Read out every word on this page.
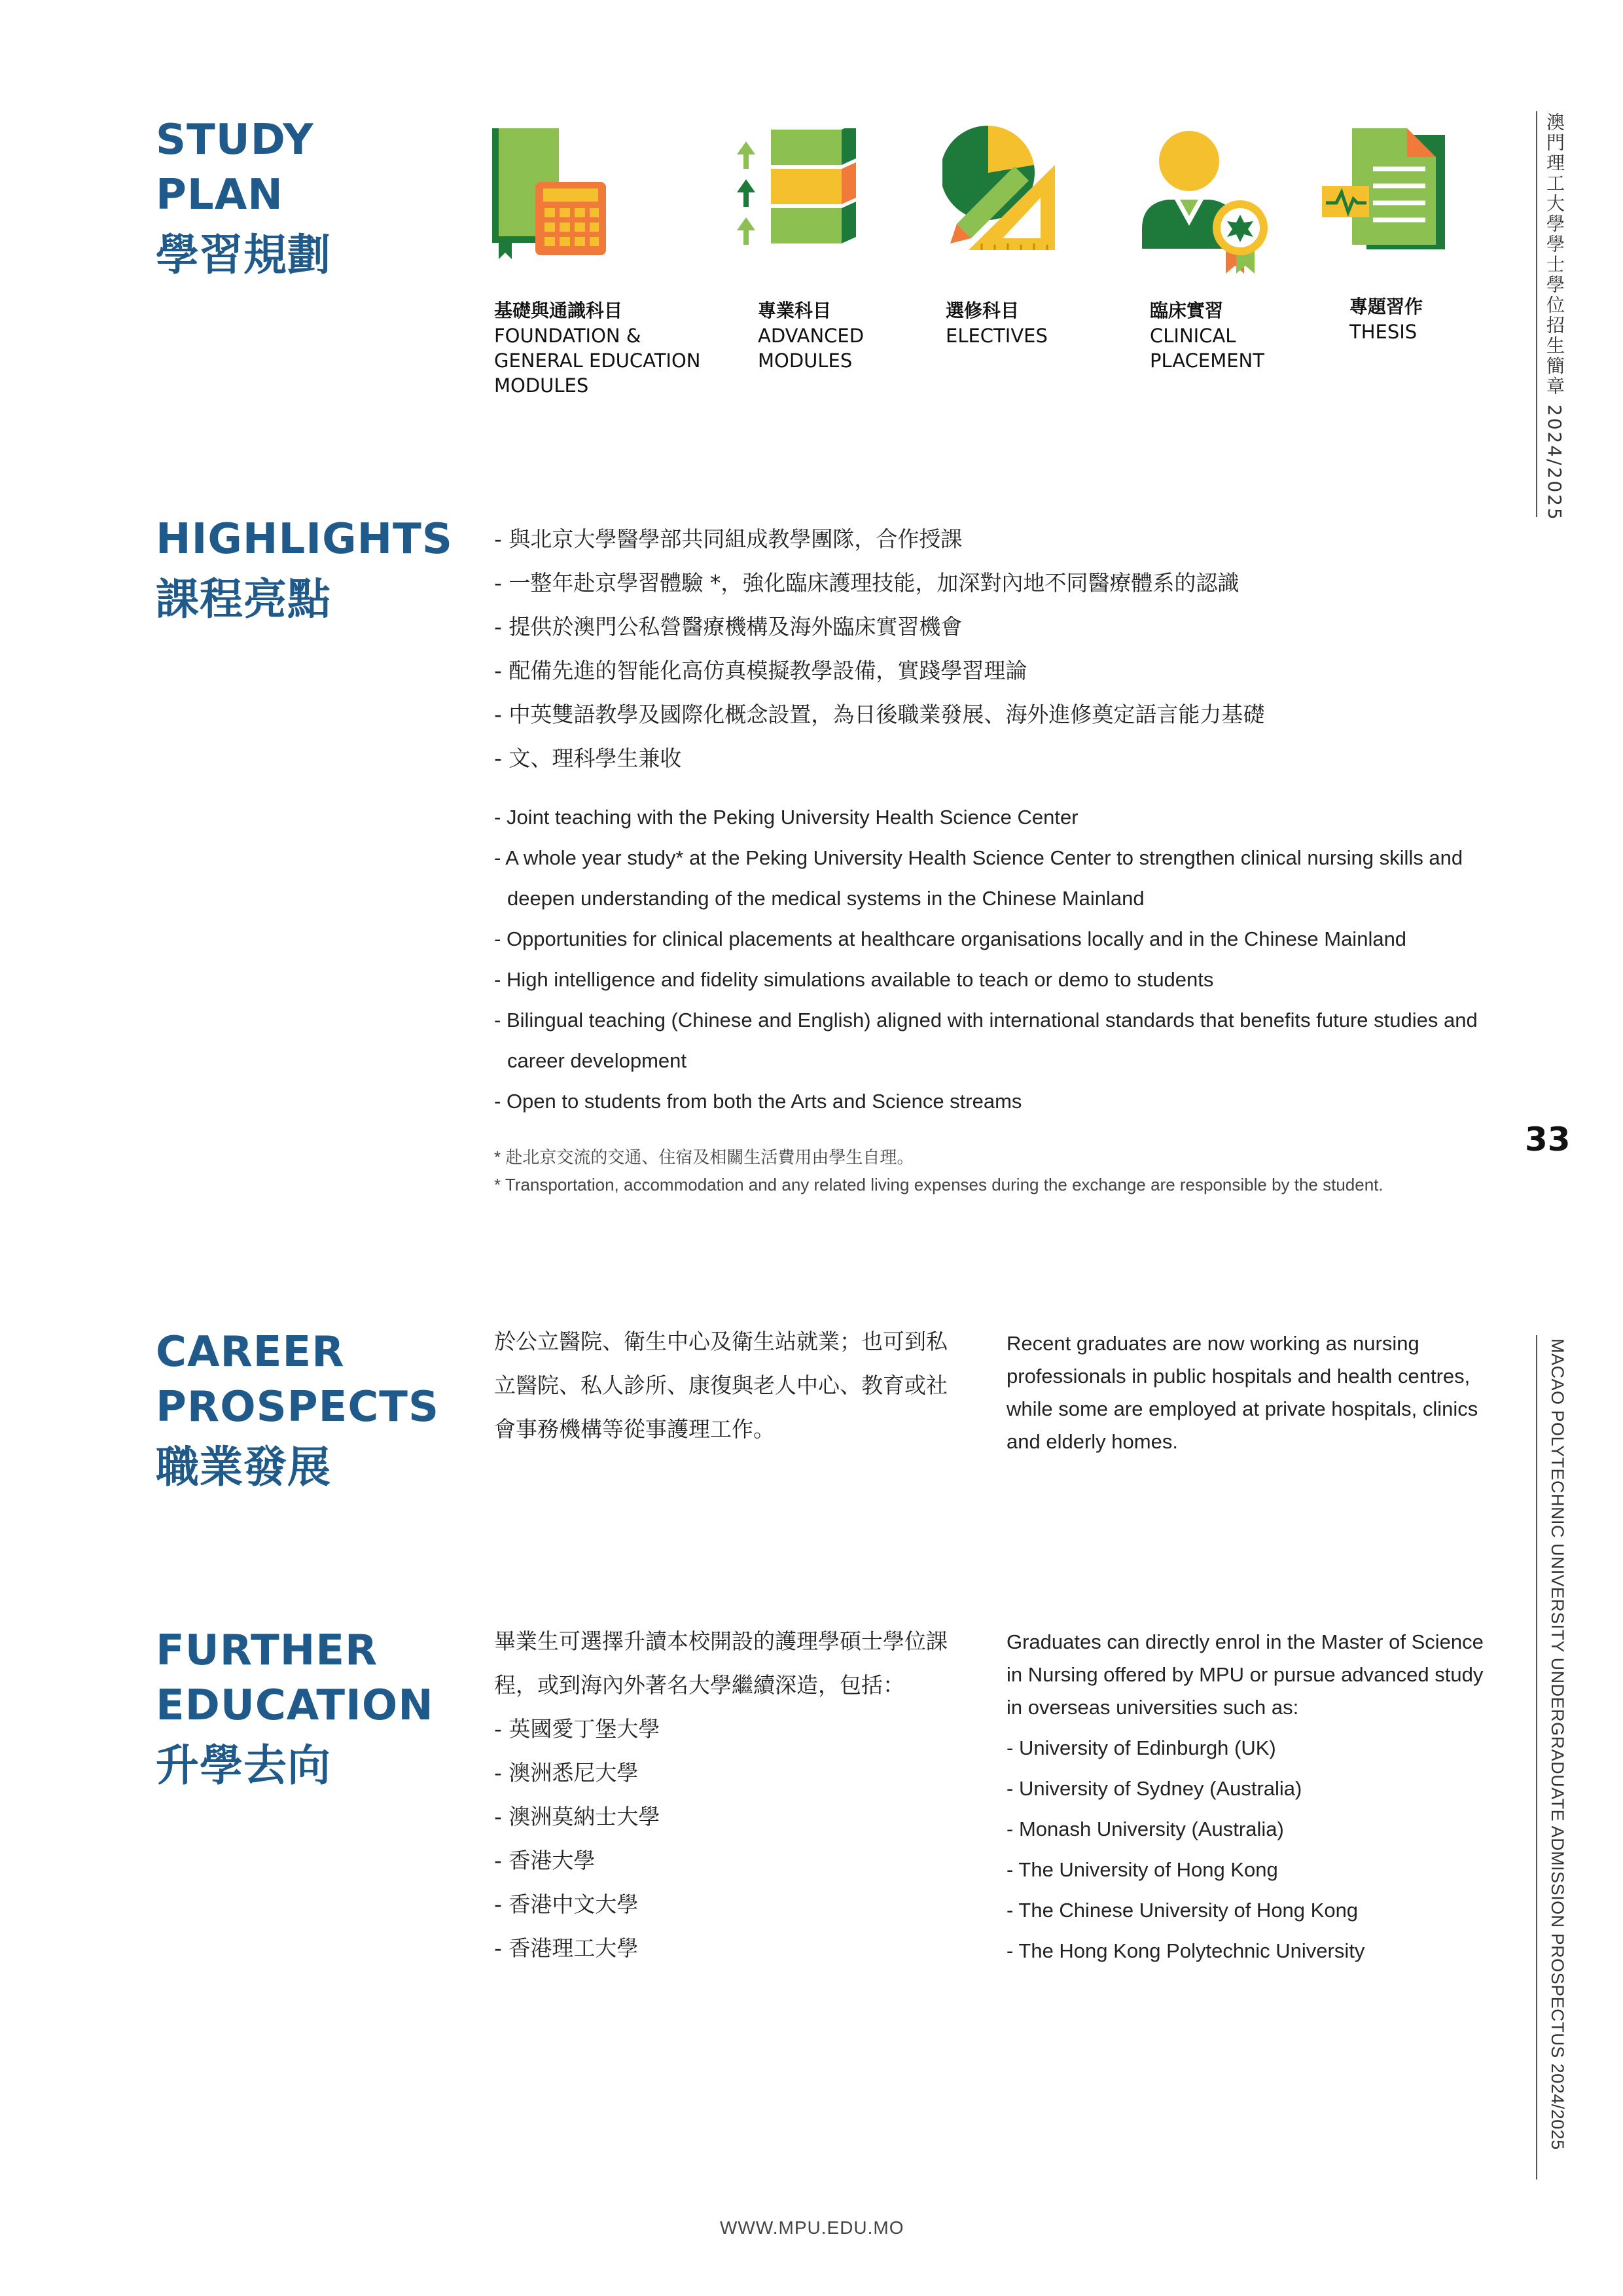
STUDY
PLAN
學習規劃
基礎與通識科目
FOUNDATION &
GENERAL EDUCATION
MODULES
專業科目
ADVANCED
MODULES
選修科目
ELECTIVES
臨床實習
CLINICAL
PLACEMENT
專題習作
THESIS
HIGHLIGHTS
課程亮點
- 與北京大學醫學部共同組成教學團隊，合作授課
- 一整年赴京學習體驗 *，強化臨床護理技能，加深對內地不同醫療體系的認識
- 提供於澳門公私營醫療機構及海外臨床實習機會
- 配備先進的智能化高仿真模擬教學設備，實踐學習理論
- 中英雙語教學及國際化概念設置，為日後職業發展、海外進修奠定語言能力基礎
- 文、理科學生兼收
- Joint teaching with the Peking University Health Science Center
- A whole year study* at the Peking University Health Science Center to strengthen clinical nursing skills and deepen understanding of the medical systems in the Chinese Mainland
- Opportunities for clinical placements at healthcare organisations locally and in the Chinese Mainland
- High intelligence and fidelity simulations available to teach or demo to students
- Bilingual teaching (Chinese and English) aligned with international standards that benefits future studies and career development
- Open to students from both the Arts and Science streams
* 赴北京交流的交通、住宿及相關生活費用由學生自理。
* Transportation, accommodation and any related living expenses during the exchange are responsible by the student.
CAREER
PROSPECTS
職業發展

於公立醫院、衛生中心及衛生站就業；也可到私立醫院、私人診所、康復與老人中心、教育或社會事務機構等從事護理工作。

Recent graduates are now working as nursing professionals in public hospitals and health centres, while some are employed at private hospitals, clinics and elderly homes.

FURTHER
EDUCATION
升學去向

畢業生可選擇升讀本校開設的護理學碩士學位課程，或到海內外著名大學繼續深造，包括：

- 英國愛丁堡大學
- 澳洲悉尼大學
- 澳洲莫納士大學
- 香港大學
- 香港中文大學
- 香港理工大學

Graduates can directly enrol in the Master of Science in Nursing offered by MPU or pursue advanced study in overseas universities such as:

- University of Edinburgh (UK)
- University of Sydney (Australia)
- Monash University (Australia)
- The University of Hong Kong
- The Chinese University of Hong Kong
- The Hong Kong Polytechnic University
澳門理工大學學士學位招生簡章 2024/2025
33
MACAO POLYTECHNIC UNIVERSITY UNDERGRADUATE ADMISSION PROSPECTUS 2024/2025
WWW.MPU.EDU.MO
